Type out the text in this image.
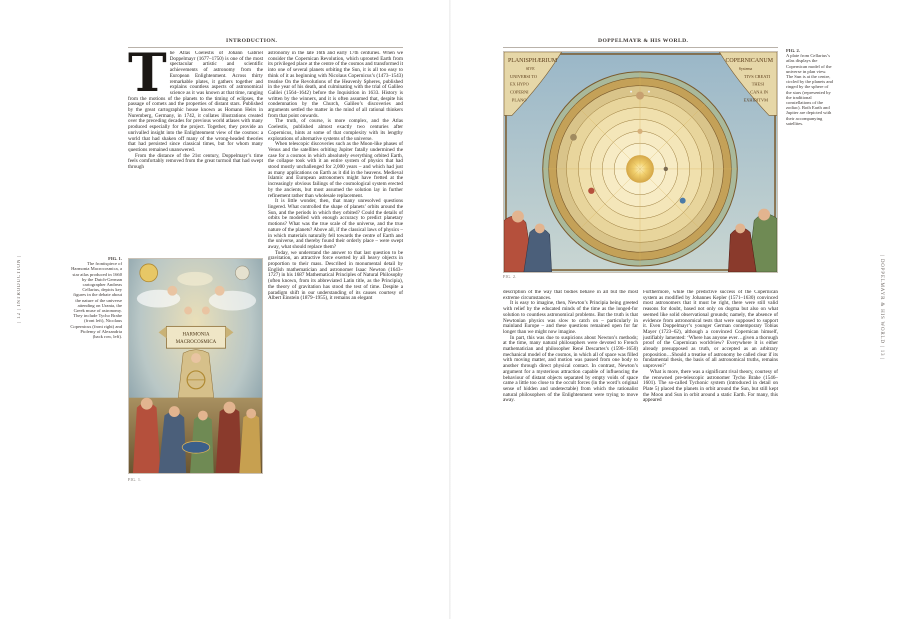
INTRODUCTION.	DOPPELMAYR & HIS WORLD.
| 12 | INTRODUCTION |	| DOPPELMAYR & HIS WORLD | 13 |

The Atlas Coelestis of Johann Gabriel Doppelmayr (1677–1750) is one of the most spectacular artistic and scientific achievements of astronomy from the European Enlightenment. Across thirty remarkable plates, it gathers together and explains countless aspects of astronomical science as it was known at that time, ranging from the motions of the planets to the timing of eclipses, the passage of comets and the properties of distant stars. Published by the great cartographic house known as Homann Heirs in Nuremberg, Germany, in 1742, it collates illustrations created over the preceding decades for previous world atlases with many produced especially for the project. Together, they provide an unrivalled insight into the Enlightenment view of the cosmos: a world that had shaken off many of the wrong-headed theories that had persisted since classical times, but for whom many questions remained unanswered.

From the distance of the 21st century, Doppelmayr’s time feels comfortably removed from the great turmoil that had swept through

astronomy in the late 16th and early 17th centuries. When we consider the Copernican Revolution, which uprooted Earth from its privileged place at the centre of the cosmos and transformed it into one of several planets orbiting the Sun, it is all too easy to think of it as beginning with Nicolaus Copernicus’s (1473–1543) treatise On the Revolutions of the Heavenly Spheres, published in the year of his death, and culminating with the trial of Galileo Galilei (1564–1642) before the Inquisition in 1633. History is written by the winners, and it is often assumed that, despite his condemnation by the Church, Galileo’s discoveries and arguments settled the matter in the mind of all rational thinkers from that point onwards.

The truth, of course, is more complex, and the Atlas Coelestis, published almost exactly two centuries after Copernicus, hints at some of that complexity with its lengthy explorations of alternative systems of the universe.

When telescopic discoveries such as the Moon-like phases of Venus and the satellites orbiting Jupiter fatally undermined the case for a cosmos in which absolutely everything orbited Earth, the collapse took with it an entire system of physics that had stood mostly unchallenged for 2,000 years – and which had just as many applications on Earth as it did in the heavens. Medieval Islamic and European astronomers might have fretted at the increasingly obvious failings of the cosmological system erected by the ancients, but most assumed the solution lay in further refinement rather than wholesale replacement.

It is little wonder, then, that many unresolved questions lingered. What controlled the shape of planets’ orbits around the Sun, and the periods in which they orbited? Could the details of orbits be modelled with enough accuracy to predict planetary motions? What was the true scale of the universe, and the true nature of the planets? Above all, if the classical laws of physics – in which materials naturally fell towards the centre of Earth and the universe, and thereby found their orderly place – were swept away, what should replace them?

Today, we understand the answer to that last question to be gravitation, an attractive force exerted by all heavy objects in proportion to their mass. Described in monumental detail by English mathematician and astronomer Isaac Newton (1643–1727) in his 1687 Mathematical Principles of Natural Philosophy (often known, from its abbreviated Latin title, as the Principia), the theory of gravitation has stood the test of time. Despite a paradigm shift in our understanding of its causes courtesy of Albert Einstein (1879–1955), it remains an elegant

FIG. 1.
The frontispiece of Harmonia Macrocosmica, a star atlas produced in 1660 by the Dutch-German cartographer Andreas Cellarius, depicts key figures in the debate about the nature of the universe attending on Urania, the Greek muse of astronomy. They include Tycho Brahe (front left), Nicolaus Copernicus (front right) and Ptolemy of Alexandria (back row, left).	HARMONIA
MACROCOSMICA
FIG. 1.
PLANISPHÆRIUM
SIVE
UNIVERSI TO
EX HYPO
COPERNI
PLANO
COPERNICANUM
Systema
TIVS CREATI
THESI
CANA IN
EXHIBITVM
FIG. 2.
FIG. 2.
A plate from Cellarius’s atlas displays the Copernican model of the universe in plan view. The Sun is at the centre, circled by the planets and ringed by the sphere of the stars (represented by the traditional constellations of the zodiac). Both Earth and Jupiter are depicted with their accompanying satellites.

description of the way that bodies behave in all but the most extreme circumstances.

It is easy to imagine, then, Newton’s Principia being greeted with relief by the educated minds of the time as the longed-for solution to countless astronomical problems. But the truth is that Newtonian physics was slow to catch on – particularly in mainland Europe – and these questions remained open for far longer than we might now imagine.

In part, this was due to suspicions about Newton’s methods; at the time, many natural philosophers were devoted to French mathematician and philosopher René Descartes’s (1596–1650) mechanical model of the cosmos, in which all of space was filled with moving matter, and motion was passed from one body to another through direct physical contact. In contrast, Newton’s argument for a mysterious attraction capable of influencing the behaviour of distant objects separated by empty voids of space came a little too close to the occult forces (in the word’s original sense of hidden and undetectable) from which the rationalist natural philosophers of the Enlightenment were trying to move away.

Furthermore, while the predictive success of the Copernican system as modified by Johannes Kepler (1571–1630) convinced most astronomers that it must be right, there were still valid reasons for doubt, based not only on dogma but also on what seemed like solid observational grounds; namely, the absence of evidence from astronomical tests that were supposed to support it. Even Doppelmayr’s younger German contemporary Tobias Mayer (1723–62), although a convinced Copernican himself, justifiably lamented: ‘Where has anyone ever…given a thorough proof of the Copernican worldview? Everywhere it is either already presupposed as truth, or accepted as an arbitrary proposition…Should a treatise of astronomy be called clear if its fundamental thesis, the basis of all astronomical truths, remains unproven?’

What is more, there was a significant rival theory, courtesy of the renowned pre-telescopic astronomer Tycho Brahe (1546–1601). The so-called Tychonic system (introduced in detail on Plate 5) placed the planets in orbit around the Sun, but still kept the Moon and Sun in orbit around a static Earth. For many, this appeared
